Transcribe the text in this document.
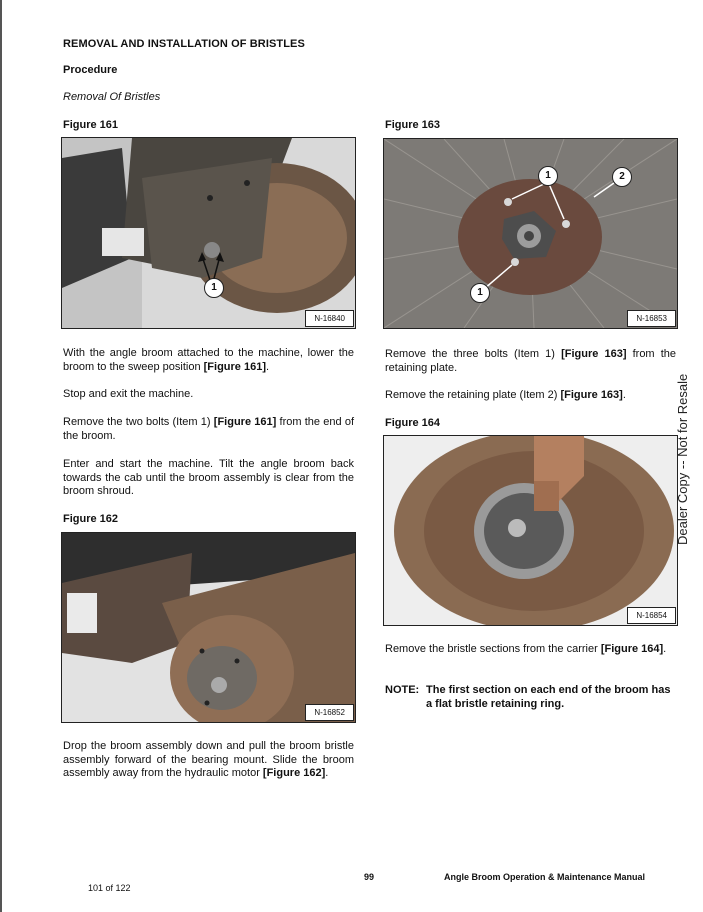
REMOVAL AND INSTALLATION OF BRISTLES
Procedure
Removal Of Bristles
Figure 161
1
N-16840
With the angle broom attached to the machine, lower the broom to the sweep position [Figure 161].
Stop and exit the machine.
Remove the two bolts (Item 1) [Figure 161] from the end of the broom.
Enter and start the machine. Tilt the angle broom back towards the cab until the broom assembly is clear from the broom shroud.
Figure 162
N-16852
Drop the broom assembly down and pull the broom bristle assembly forward of the bearing mount. Slide the broom assembly away from the hydraulic motor [Figure 162].
Figure 163
1	2
1
N-16853
Remove the three bolts (Item 1) [Figure 163] from the retaining plate.
Remove the retaining plate (Item 2) [Figure 163].
Figure 164
N-16854
Remove the bristle sections from the carrier [Figure 164].
NOTE: The first section on each end of the broom has a flat bristle retaining ring.
Dealer Copy -- Not for Resale
99	Angle Broom Operation & Maintenance Manual
101 of 122
